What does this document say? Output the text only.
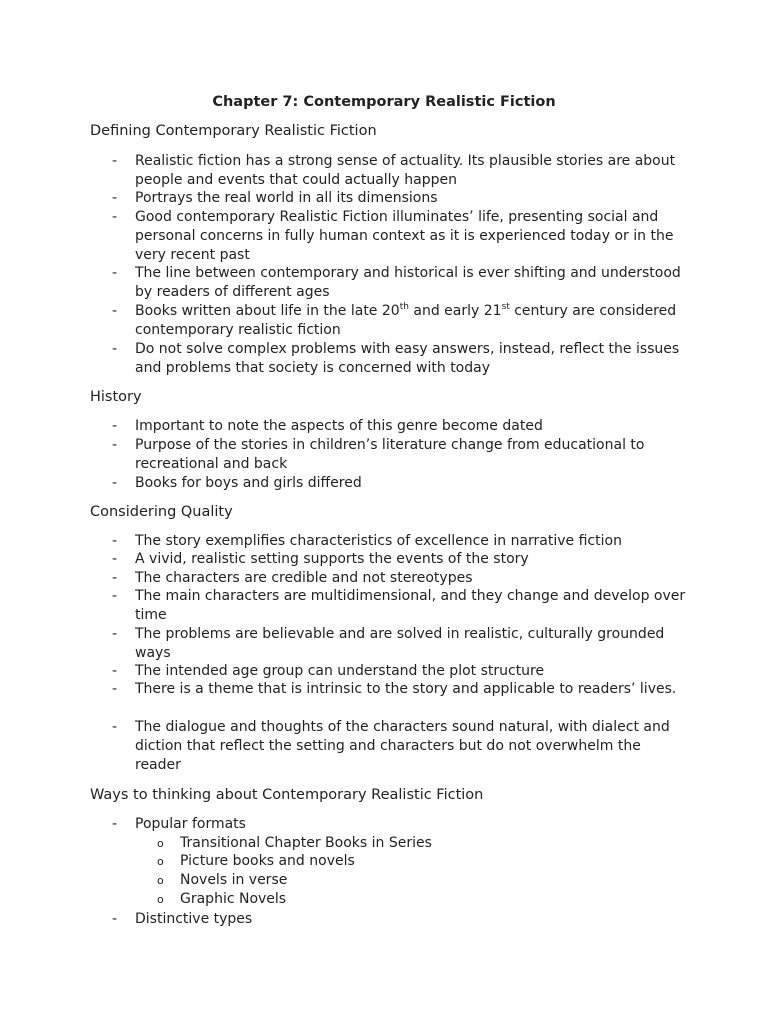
Chapter 7: Contemporary Realistic Fiction
Defining Contemporary Realistic Fiction
- Realistic fiction has a strong sense of actuality. Its plausible stories are about people and events that could actually happen
- Portrays the real world in all its dimensions
- Good contemporary Realistic Fiction illuminates’ life, presenting social and personal concerns in fully human context as it is experienced today or in the very recent past
- The line between contemporary and historical is ever shifting and understood by readers of different ages
- Books written about life in the late 20th and early 21st century are considered contemporary realistic fiction
- Do not solve complex problems with easy answers, instead, reflect the issues and problems that society is concerned with today
History
- Important to note the aspects of this genre become dated
- Purpose of the stories in children’s literature change from educational to recreational and back
- Books for boys and girls differed
Considering Quality
- The story exemplifies characteristics of excellence in narrative fiction
- A vivid, realistic setting supports the events of the story
- The characters are credible and not stereotypes
- The main characters are multidimensional, and they change and develop over time
- The problems are believable and are solved in realistic, culturally grounded ways
- The intended age group can understand the plot structure
- There is a theme that is intrinsic to the story and applicable to readers’ lives.
- The dialogue and thoughts of the characters sound natural, with dialect and diction that reflect the setting and characters but do not overwhelm the reader
Ways to thinking about Contemporary Realistic Fiction
- Popular formats
o Transitional Chapter Books in Series
o Picture books and novels
o Novels in verse
o Graphic Novels
- Distinctive types
